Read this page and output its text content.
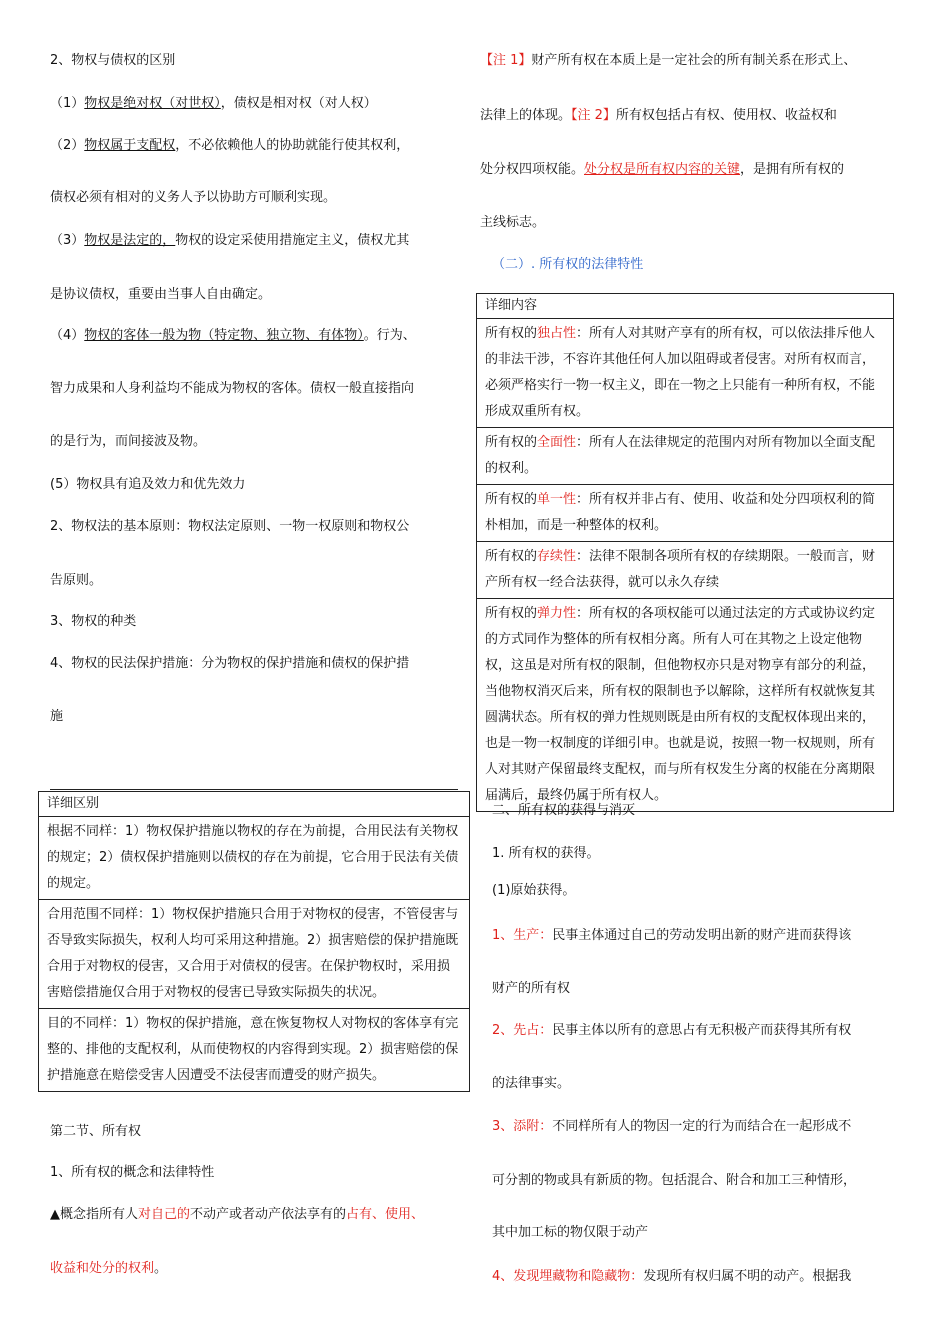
2、物权与债权的区别
（1）物权是绝对权（对世权），债权是相对权（对人权）
（2）物权属于支配权，不必依赖他人的协助就能行使其权利，
债权必须有相对的义务人予以协助方可顺利实现。
（3）物权是法定的，物权的设定采使用措施定主义，债权尤其
是协议债权，重要由当事人自由确定。
（4）物权的客体一般为物（特定物、独立物、有体物）。行为、
智力成果和人身利益均不能成为物权的客体。债权一般直接指向
的是行为，而间接波及物。
(5）物权具有追及效力和优先效力
2、物权法的基本原则：物权法定原则、一物一权原则和物权公
告原则。
3、物权的种类
4、物权的民法保护措施：分为物权的保护措施和债权的保护措
施
详细区别
根据不同样：1）物权保护措施以物权的存在为前提，合用民法有关物权的规定；2）债权保护措施则以债权的存在为前提，它合用于民法有关债的规定。
合用范围不同样：1）物权保护措施只合用于对物权的侵害，不管侵害与否导致实际损失，权利人均可采用这种措施。2）损害赔偿的保护措施既合用于对物权的侵害，又合用于对债权的侵害。在保护物权时，采用损害赔偿措施仅合用于对物权的侵害已导致实际损失的状况。
目的不同样：1）物权的保护措施，意在恢复物权人对物权的客体享有完整的、排他的支配权利，从而使物权的内容得到实现。2）损害赔偿的保护措施意在赔偿受害人因遭受不法侵害而遭受的财产损失。
第二节、所有权
1、所有权的概念和法律特性
▲概念指所有人对自己的不动产或者动产依法享有的占有、使用、
收益和处分的权利。
【注 1】财产所有权在本质上是一定社会的所有制关系在形式上、
法律上的体现。【注 2】所有权包括占有权、使用权、收益权和
处分权四项权能。处分权是所有权内容的关键，是拥有所有权的
主线标志。
（二）. 所有权的法律特性
详细内容
所有权的独占性：所有人对其财产享有的所有权，可以依法排斥他人的非法干涉，不容许其他任何人加以阻碍或者侵害。对所有权而言，必须严格实行一物一权主义，即在一物之上只能有一种所有权，不能形成双重所有权。
所有权的全面性：所有人在法律规定的范围内对所有物加以全面支配的权利。
所有权的单一性：所有权并非占有、使用、收益和处分四项权利的简朴相加，而是一种整体的权利。
所有权的存续性：法律不限制各项所有权的存续期限。一般而言，财产所有权一经合法获得，就可以永久存续
所有权的弹力性：所有权的各项权能可以通过法定的方式或协议约定的方式同作为整体的所有权相分离。所有人可在其物之上设定他物权，这虽是对所有权的限制，但他物权亦只是对物享有部分的利益，当他物权消灭后来，所有权的限制也予以解除，这样所有权就恢复其圆满状态。所有权的弹力性规则既是由所有权的支配权体现出来的，也是一物一权制度的详细引申。也就是说，按照一物一权规则，所有人对其财产保留最终支配权，而与所有权发生分离的权能在分离期限届满后，最终仍属于所有权人。
二、所有权的获得与消灭
1. 所有权的获得。
(1)原始获得。
1、生产：民事主体通过自己的劳动发明出新的财产进而获得该
财产的所有权
2、先占：民事主体以所有的意思占有无积极产而获得其所有权
的法律事实。
3、添附：不同样所有人的物因一定的行为而结合在一起形成不
可分割的物或具有新质的物。包括混合、附合和加工三种情形，
其中加工标的物仅限于动产
4、发现埋藏物和隐藏物：发现所有权归属不明的动产。根据我
